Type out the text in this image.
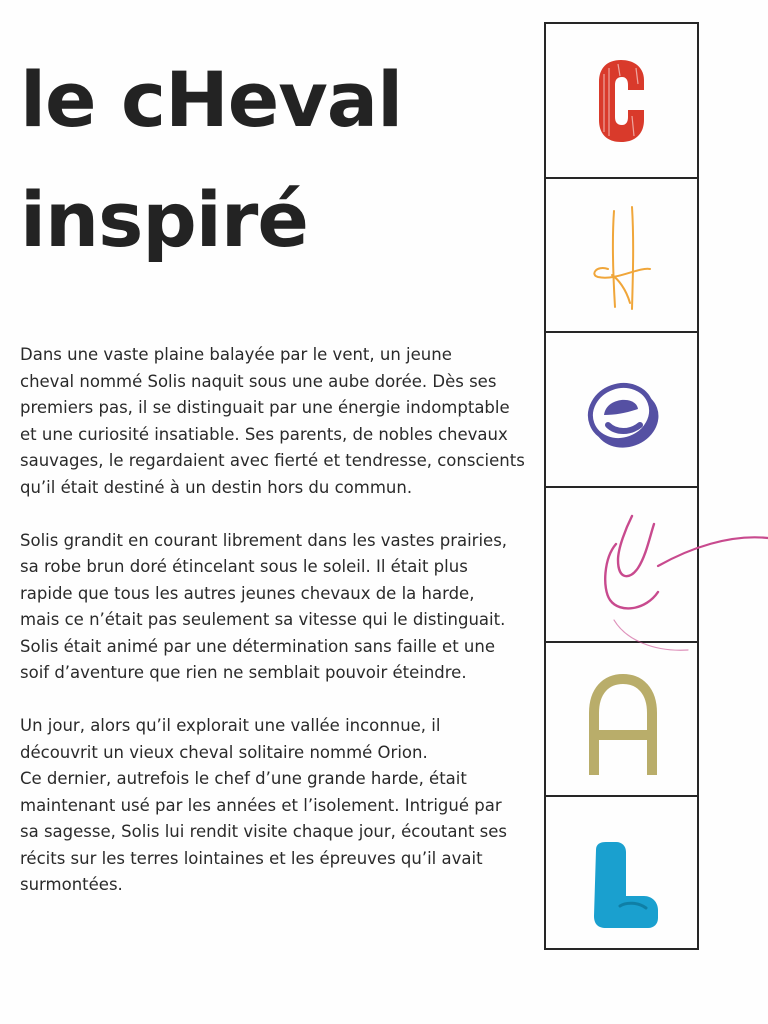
le cHeval
inspiré

Dans une vaste plaine balayée par le vent, un jeune
cheval nommé Solis naquit sous une aube dorée. Dès ses
premiers pas, il se distinguait par une énergie indomptable
et une curiosité insatiable. Ses parents, de nobles chevaux
sauvages, le regardaient avec fierté et tendresse, conscients
qu’il était destiné à un destin hors du commun.

Solis grandit en courant librement dans les vastes prairies,
sa robe brun doré étincelant sous le soleil. Il était plus
rapide que tous les autres jeunes chevaux de la harde,
mais ce n’était pas seulement sa vitesse qui le distinguait.
Solis était animé par une détermination sans faille et une
soif d’aventure que rien ne semblait pouvoir éteindre.

Un jour, alors qu’il explorait une vallée inconnue, il
découvrit un vieux cheval solitaire nommé Orion.
Ce dernier, autrefois le chef d’une grande harde, était
maintenant usé par les années et l’isolement. Intrigué par
sa sagesse, Solis lui rendit visite chaque jour, écoutant ses
récits sur les terres lointaines et les épreuves qu’il avait
surmontées.
